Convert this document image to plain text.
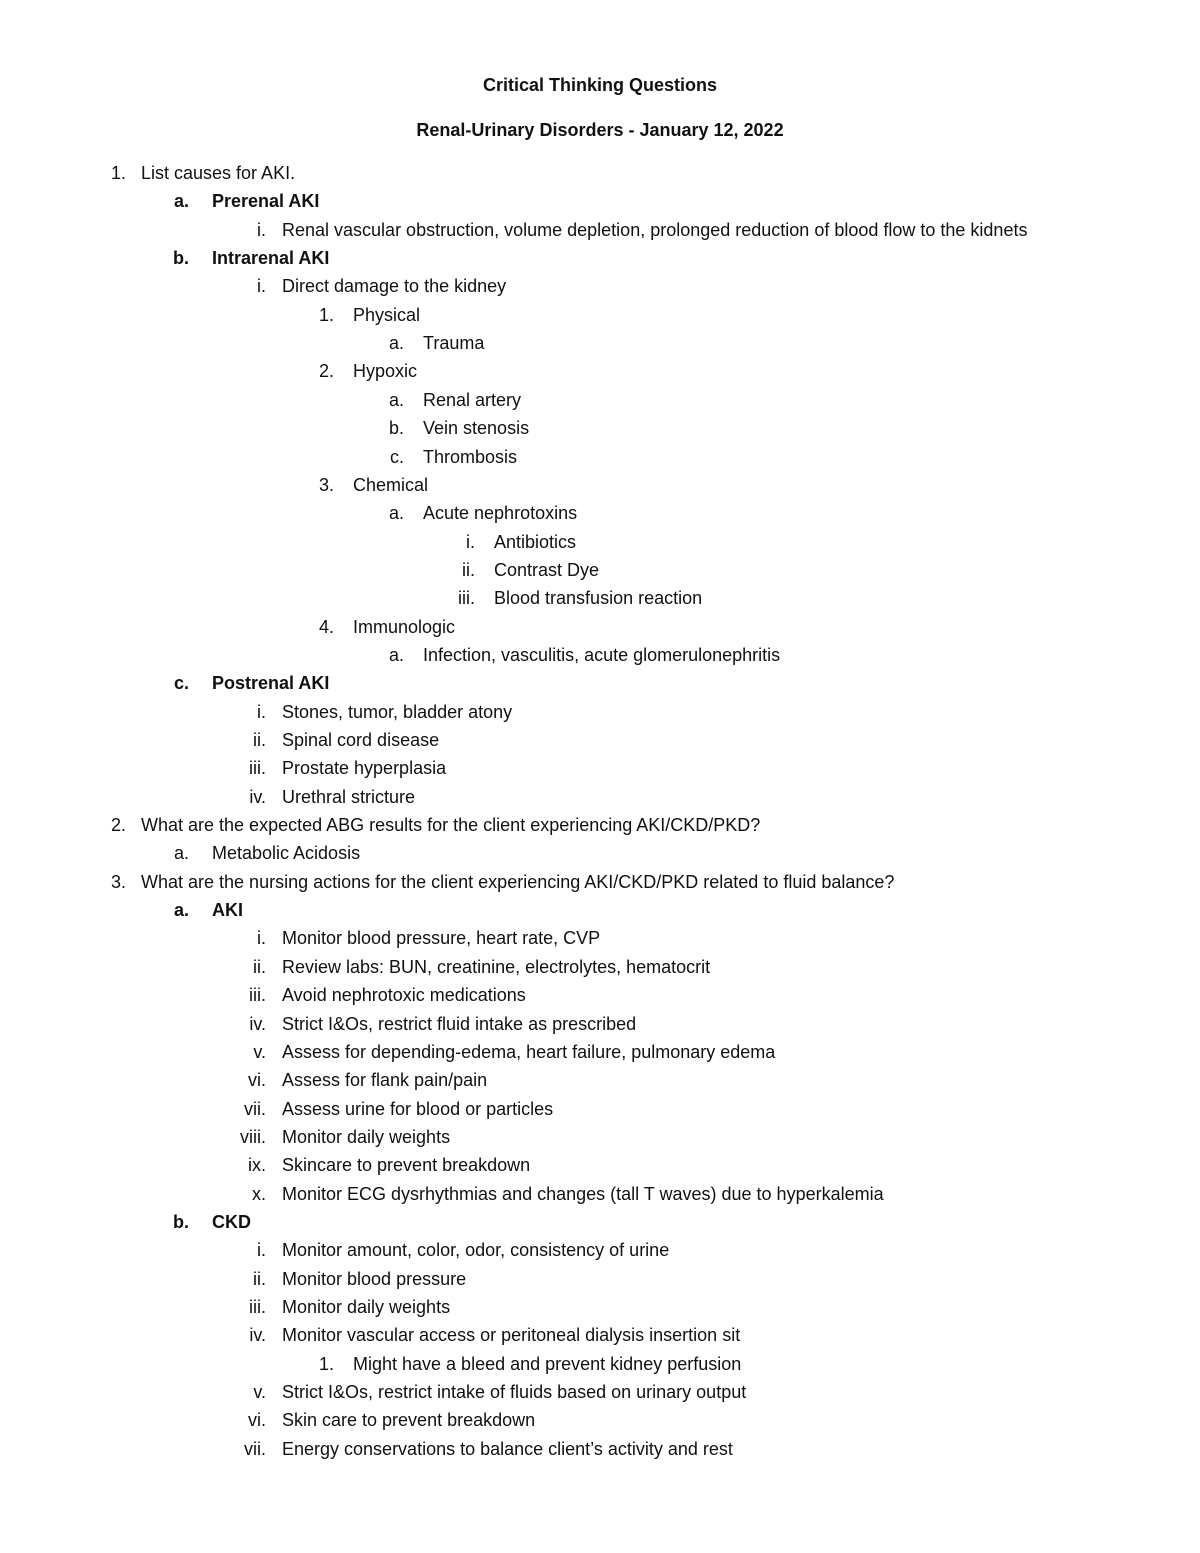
Critical Thinking Questions
Renal-Urinary Disorders - January 12, 2022
1. List causes for AKI.
a. Prerenal AKI
i. Renal vascular obstruction, volume depletion, prolonged reduction of blood flow to the kidnets
b. Intrarenal AKI
i. Direct damage to the kidney
1. Physical
a. Trauma
2. Hypoxic
a. Renal artery
b. Vein stenosis
c. Thrombosis
3. Chemical
a. Acute nephrotoxins
i. Antibiotics
ii. Contrast Dye
iii. Blood transfusion reaction
4. Immunologic
a. Infection, vasculitis, acute glomerulonephritis
c. Postrenal AKI
i. Stones, tumor, bladder atony
ii. Spinal cord disease
iii. Prostate hyperplasia
iv. Urethral stricture
2. What are the expected ABG results for the client experiencing AKI/CKD/PKD?
a. Metabolic Acidosis
3. What are the nursing actions for the client experiencing AKI/CKD/PKD related to fluid balance?
a. AKI
i. Monitor blood pressure, heart rate, CVP
ii. Review labs: BUN, creatinine, electrolytes, hematocrit
iii. Avoid nephrotoxic medications
iv. Strict I&Os, restrict fluid intake as prescribed
v. Assess for depending-edema, heart failure, pulmonary edema
vi. Assess for flank pain/pain
vii. Assess urine for blood or particles
viii. Monitor daily weights
ix. Skincare to prevent breakdown
x. Monitor ECG dysrhythmias and changes (tall T waves) due to hyperkalemia
b. CKD
i. Monitor amount, color, odor, consistency of urine
ii. Monitor blood pressure
iii. Monitor daily weights
iv. Monitor vascular access or peritoneal dialysis insertion sit
1. Might have a bleed and prevent kidney perfusion
v. Strict I&Os, restrict intake of fluids based on urinary output
vi. Skin care to prevent breakdown
vii. Energy conservations to balance client’s activity and rest
